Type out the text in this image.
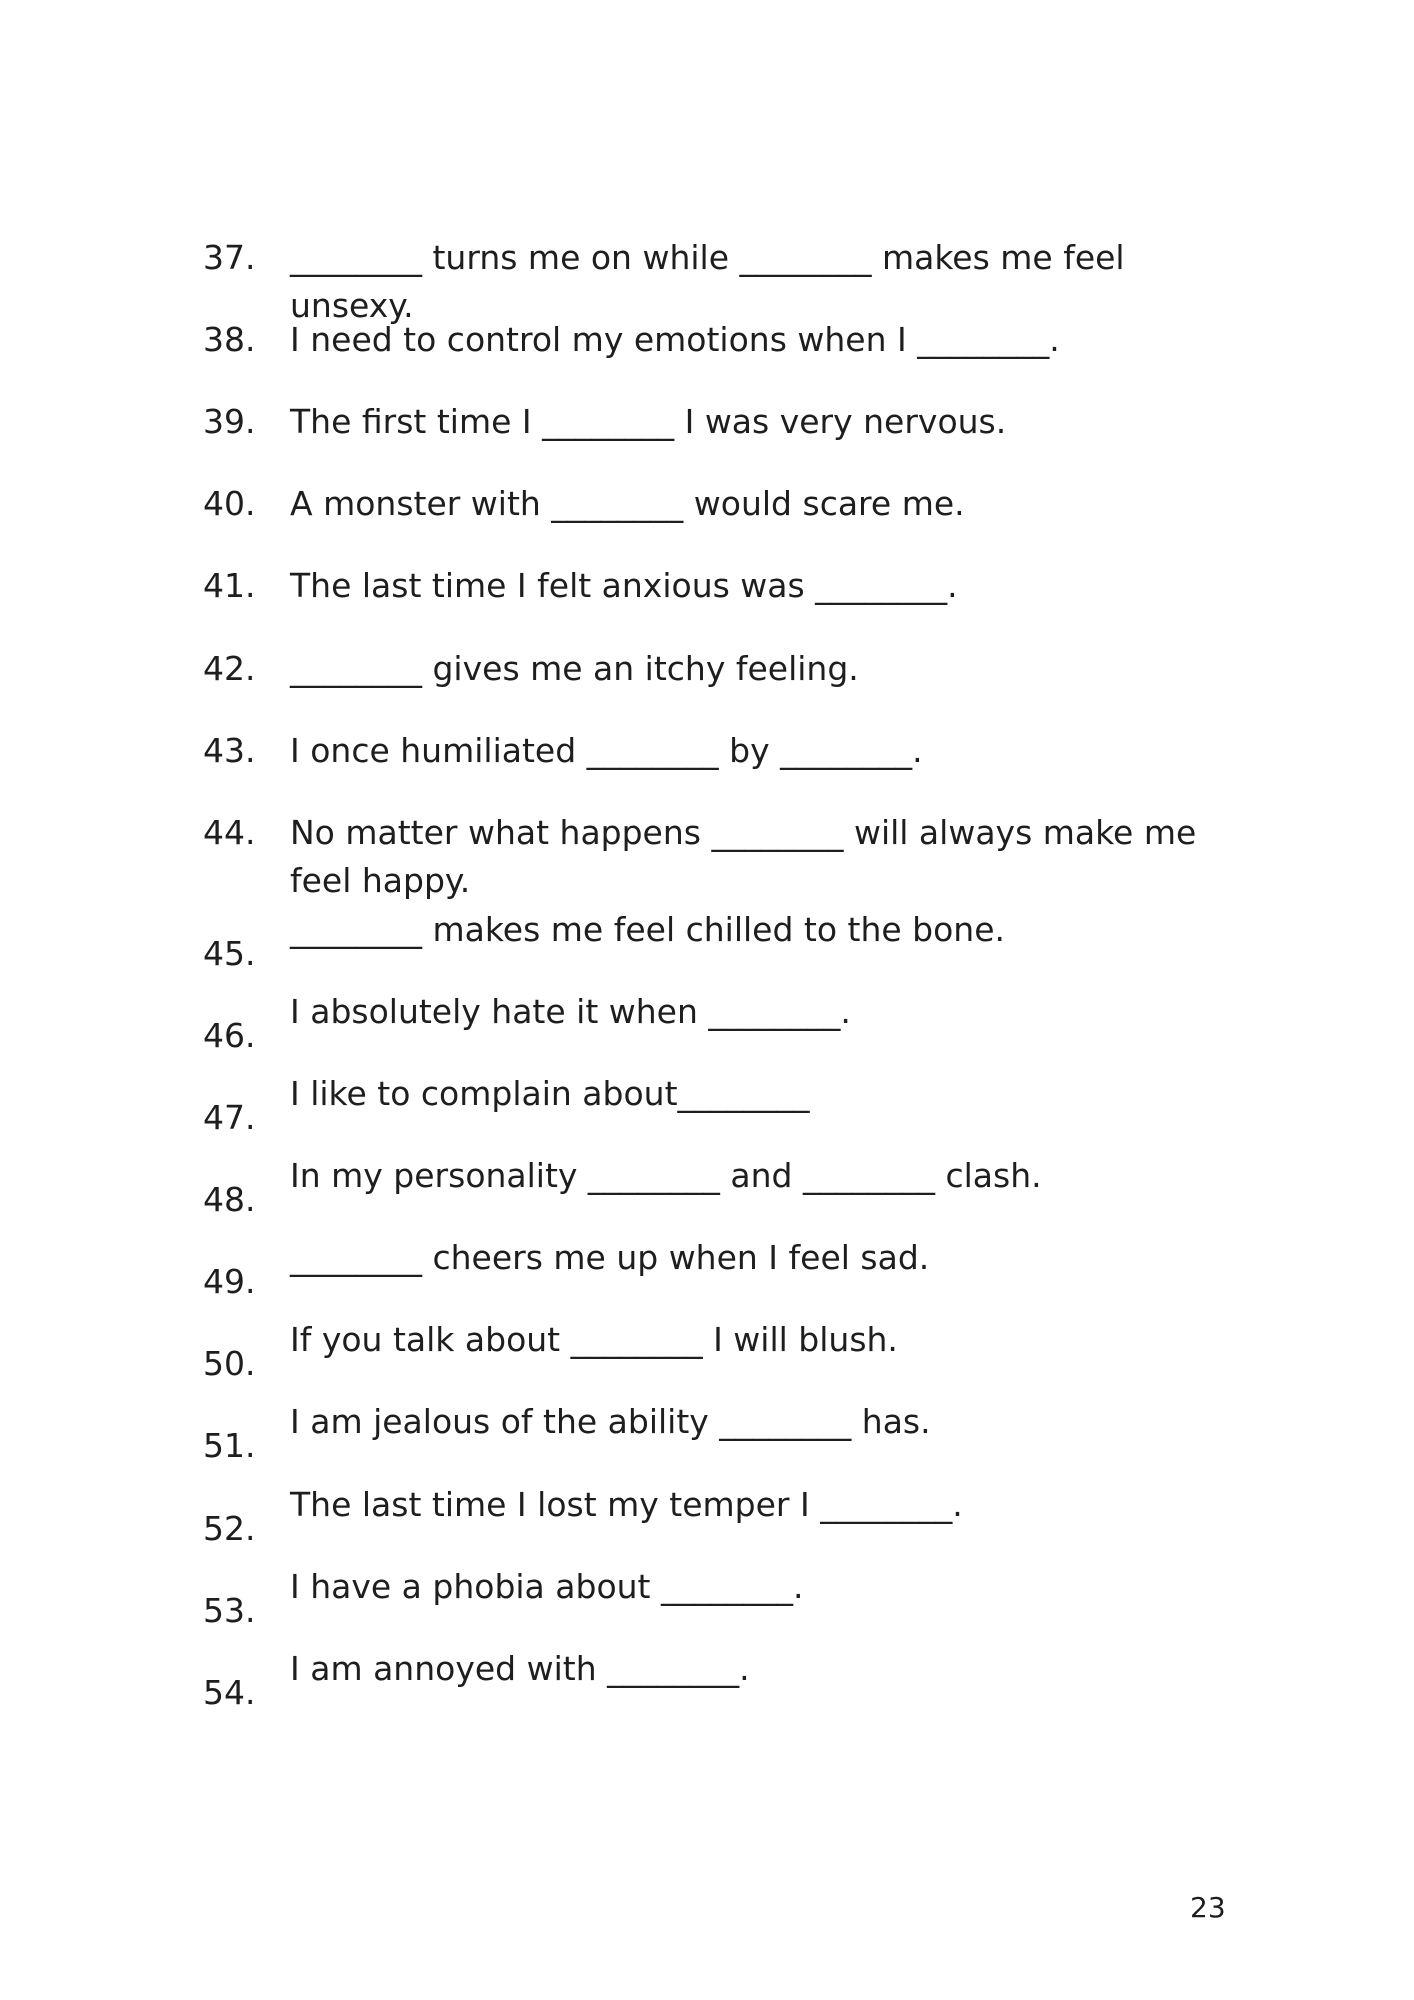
37. ________ turns me on while ________ makes me feel unsexy.
38. I need to control my emotions when I ________.
39. The first time I ________ I was very nervous.
40. A monster with ________ would scare me.
41. The last time I felt anxious was ________.
42. ________ gives me an itchy feeling.
43. I once humiliated ________ by ________.
44. No matter what happens ________ will always make me feel happy.
45.
________ makes me feel chilled to the bone.
46.
I absolutely hate it when ________.
47.
I like to complain about________
48.
In my personality ________ and ________ clash.
49.
________ cheers me up when I feel sad.
50.
If you talk about ________ I will blush.
51.
I am jealous of the ability ________ has.
52.
The last time I lost my temper I ________.
53.
I have a phobia about ________.
54.
I am annoyed with ________.
23
